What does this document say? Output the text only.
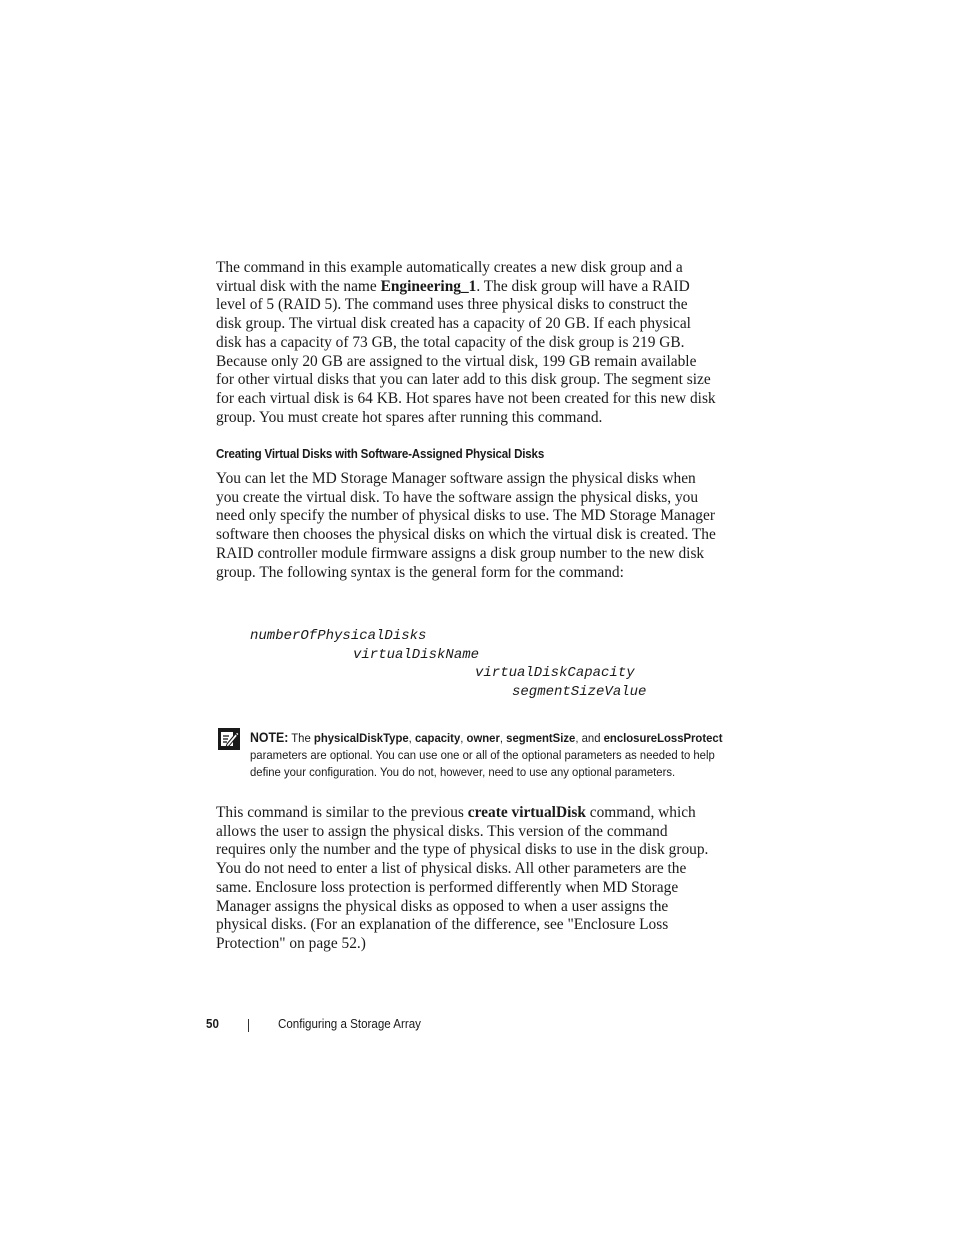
The command in this example automatically creates a new disk group and a virtual disk with the name Engineering_1. The disk group will have a RAID level of 5 (RAID 5). The command uses three physical disks to construct the disk group. The virtual disk created has a capacity of 20 GB. If each physical disk has a capacity of 73 GB, the total capacity of the disk group is 219 GB. Because only 20 GB are assigned to the virtual disk, 199 GB remain available for other virtual disks that you can later add to this disk group. The segment size for each virtual disk is 64 KB. Hot spares have not been created for this new disk group. You must create hot spares after running this command.

Creating Virtual Disks with Software-Assigned Physical Disks

You can let the MD Storage Manager software assign the physical disks when you create the virtual disk. To have the software assign the physical disks, you need only specify the number of physical disks to use. The MD Storage Manager software then chooses the physical disks on which the virtual disk is created. The RAID controller module firmware assigns a disk group number to the new disk group. The following syntax is the general form for the command:

numberOfPhysicalDisks
virtualDiskName
virtualDiskCapacity
segmentSizeValue

NOTE: The physicalDiskType, capacity, owner, segmentSize, and enclosureLossProtect parameters are optional. You can use one or all of the optional parameters as needed to help define your configuration. You do not, however, need to use any optional parameters.

This command is similar to the previous create virtualDisk command, which allows the user to assign the physical disks. This version of the command requires only the number and the type of physical disks to use in the disk group. You do not need to enter a list of physical disks. All other parameters are the same. Enclosure loss protection is performed differently when MD Storage Manager assigns the physical disks as opposed to when a user assigns the physical disks. (For an explanation of the difference, see "Enclosure Loss Protection" on page 52.)

50	Configuring a Storage Array
